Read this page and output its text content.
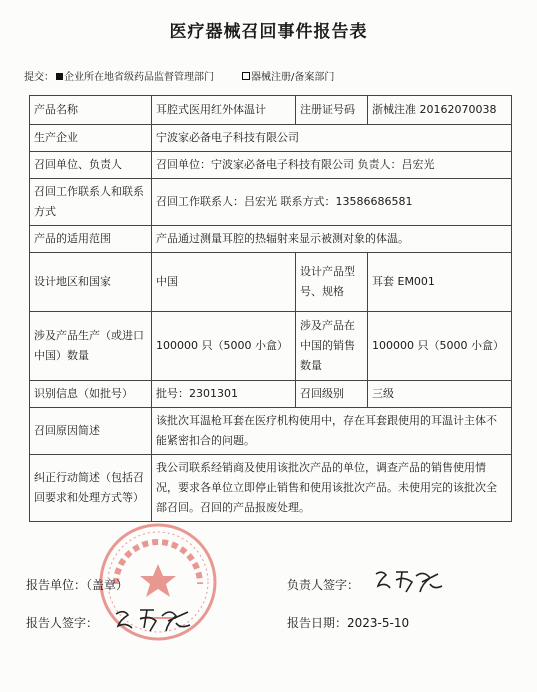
医疗器械召回事件报告表
提交： 企业所在地省级药品监督管理部门	器械注册/备案部门
产品名称	耳腔式医用红外体温计	注册证号码	浙械注准 20162070038
生产企业	宁波家必备电子科技有限公司		
召回单位、负责人	召回单位：宁波家必备电子科技有限公司 负责人：吕宏光		
召回工作联系人和联系方式	召回工作联系人：吕宏光 联系方式：13586686581		
产品的适用范围	产品通过测量耳腔的热辐射来显示被测对象的体温。		
设计地区和国家	中国	设计产品型号、规格	耳套 EM001
涉及产品生产（或进口中国）数量	100000 只（5000 小盒）	涉及产品在中国的销售数量	100000 只（5000 小盒）
识别信息（如批号）	批号：2301301	召回级别	三级
召回原因简述	该批次耳温枪耳套在医疗机构使用中，存在耳套跟使用的耳温计主体不能紧密扣合的问题。		
纠正行动简述（包括召回要求和处理方式等）	我公司联系经销商及使用该批次产品的单位，调查产品的销售使用情况，要求各单位立即停止销售和使用该批次产品。未使用完的该批次全部召回。召回的产品报废处理。		
报告单位：（盖章）	负责人签字：
报告人签字：	报告日期：2023-5-10
